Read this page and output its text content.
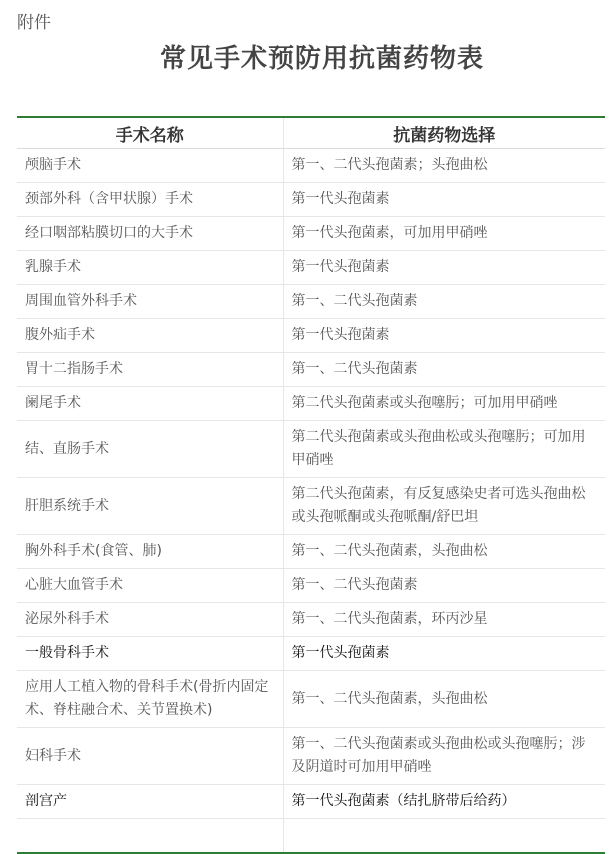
附件
常见手术预防用抗菌药物表
手术名称	抗菌药物选择
颅脑手术	第一、二代头孢菌素；头孢曲松
颈部外科（含甲状腺）手术	第一代头孢菌素
经口咽部粘膜切口的大手术	第一代头孢菌素，可加用甲硝唑
乳腺手术	第一代头孢菌素
周围血管外科手术	第一、二代头孢菌素
腹外疝手术	第一代头孢菌素
胃十二指肠手术	第一、二代头孢菌素
阑尾手术	第二代头孢菌素或头孢噻肟；可加用甲硝唑
结、直肠手术	第二代头孢菌素或头孢曲松或头孢噻肟；可加用甲硝唑
肝胆系统手术	第二代头孢菌素，有反复感染史者可选头孢曲松或头孢哌酮或头孢哌酮/舒巴坦
胸外科手术(食管、肺)	第一、二代头孢菌素，头孢曲松
心脏大血管手术	第一、二代头孢菌素
泌尿外科手术	第一、二代头孢菌素，环丙沙星
一般骨科手术	第一代头孢菌素
应用人工植入物的骨科手术(骨折内固定术、脊柱融合术、关节置换术)	第一、二代头孢菌素，头孢曲松
妇科手术	第一、二代头孢菌素或头孢曲松或头孢噻肟；涉及阴道时可加用甲硝唑
剖宫产	第一代头孢菌素（结扎脐带后给药）
